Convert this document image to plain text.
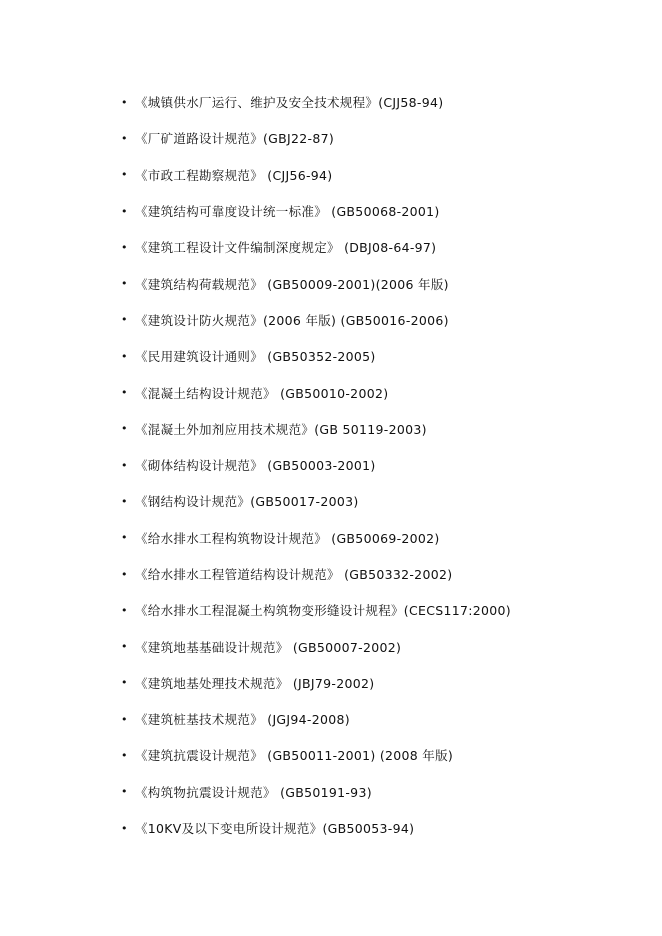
• 《城镇供水厂运行、维护及安全技术规程》(CJJ58-94)
• 《厂矿道路设计规范》(GBJ22-87)
• 《市政工程勘察规范》 (CJJ56-94)
• 《建筑结构可靠度设计统一标准》 (GB50068-2001)
• 《建筑工程设计文件编制深度规定》 (DBJ08-64-97)
• 《建筑结构荷载规范》 (GB50009-2001)(2006 年版)
• 《建筑设计防火规范》(2006 年版) (GB50016-2006)
• 《民用建筑设计通则》 (GB50352-2005)
• 《混凝土结构设计规范》 (GB50010-2002)
• 《混凝土外加剂应用技术规范》(GB 50119-2003)
• 《砌体结构设计规范》 (GB50003-2001)
• 《钢结构设计规范》(GB50017-2003)
• 《给水排水工程构筑物设计规范》 (GB50069-2002)
• 《给水排水工程管道结构设计规范》 (GB50332-2002)
• 《给水排水工程混凝土构筑物变形缝设计规程》(CECS117:2000)
• 《建筑地基基础设计规范》 (GB50007-2002)
• 《建筑地基处理技术规范》 (JBJ79-2002)
• 《建筑桩基技术规范》 (JGJ94-2008)
• 《建筑抗震设计规范》 (GB50011-2001) (2008 年版)
• 《构筑物抗震设计规范》 (GB50191-93)
• 《10KV及以下变电所设计规范》(GB50053-94)
